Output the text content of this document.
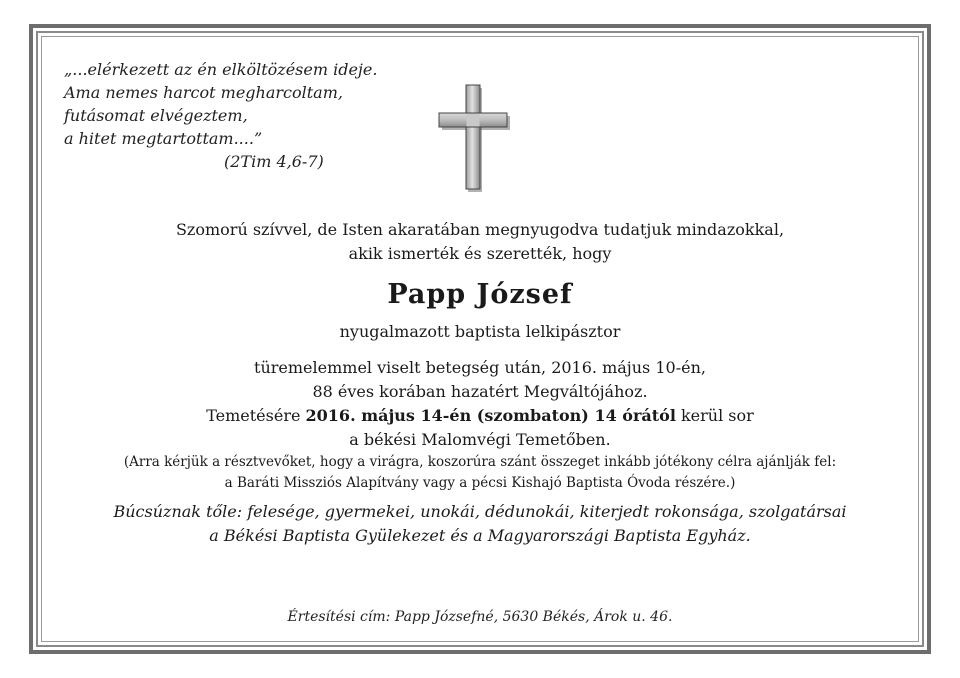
„...elérkezett az én elköltözésem ideje.
Ama nemes harcot megharcoltam,
futásomat elvégeztem,
a hitet megtartottam....”
(2Tim 4,6-7)
Szomorú szívvel, de Isten akaratában megnyugodva tudatjuk mindazokkal,
akik ismerték és szerették, hogy
Papp József
nyugalmazott baptista lelkipásztor
türemelemmel viselt betegség után, 2016. május 10-én,
88 éves korában hazatért Megváltójához.
Temetésére 2016. május 14-én (szombaton) 14 órától kerül sor
a békési Malomvégi Temetőben.
(Arra kérjük a résztvevőket, hogy a virágra, koszorúra szánt összeget inkább jótékony célra ajánlják fel:
a Baráti Missziós Alapítvány vagy a pécsi Kishajó Baptista Óvoda részére.)
Búcsúznak tőle: felesége, gyermekei, unokái, dédunokái, kiterjedt rokonsága, szolgatársai
a Békési Baptista Gyülekezet és a Magyarországi Baptista Egyház.
Értesítési cím: Papp Józsefné, 5630 Békés, Árok u. 46.
